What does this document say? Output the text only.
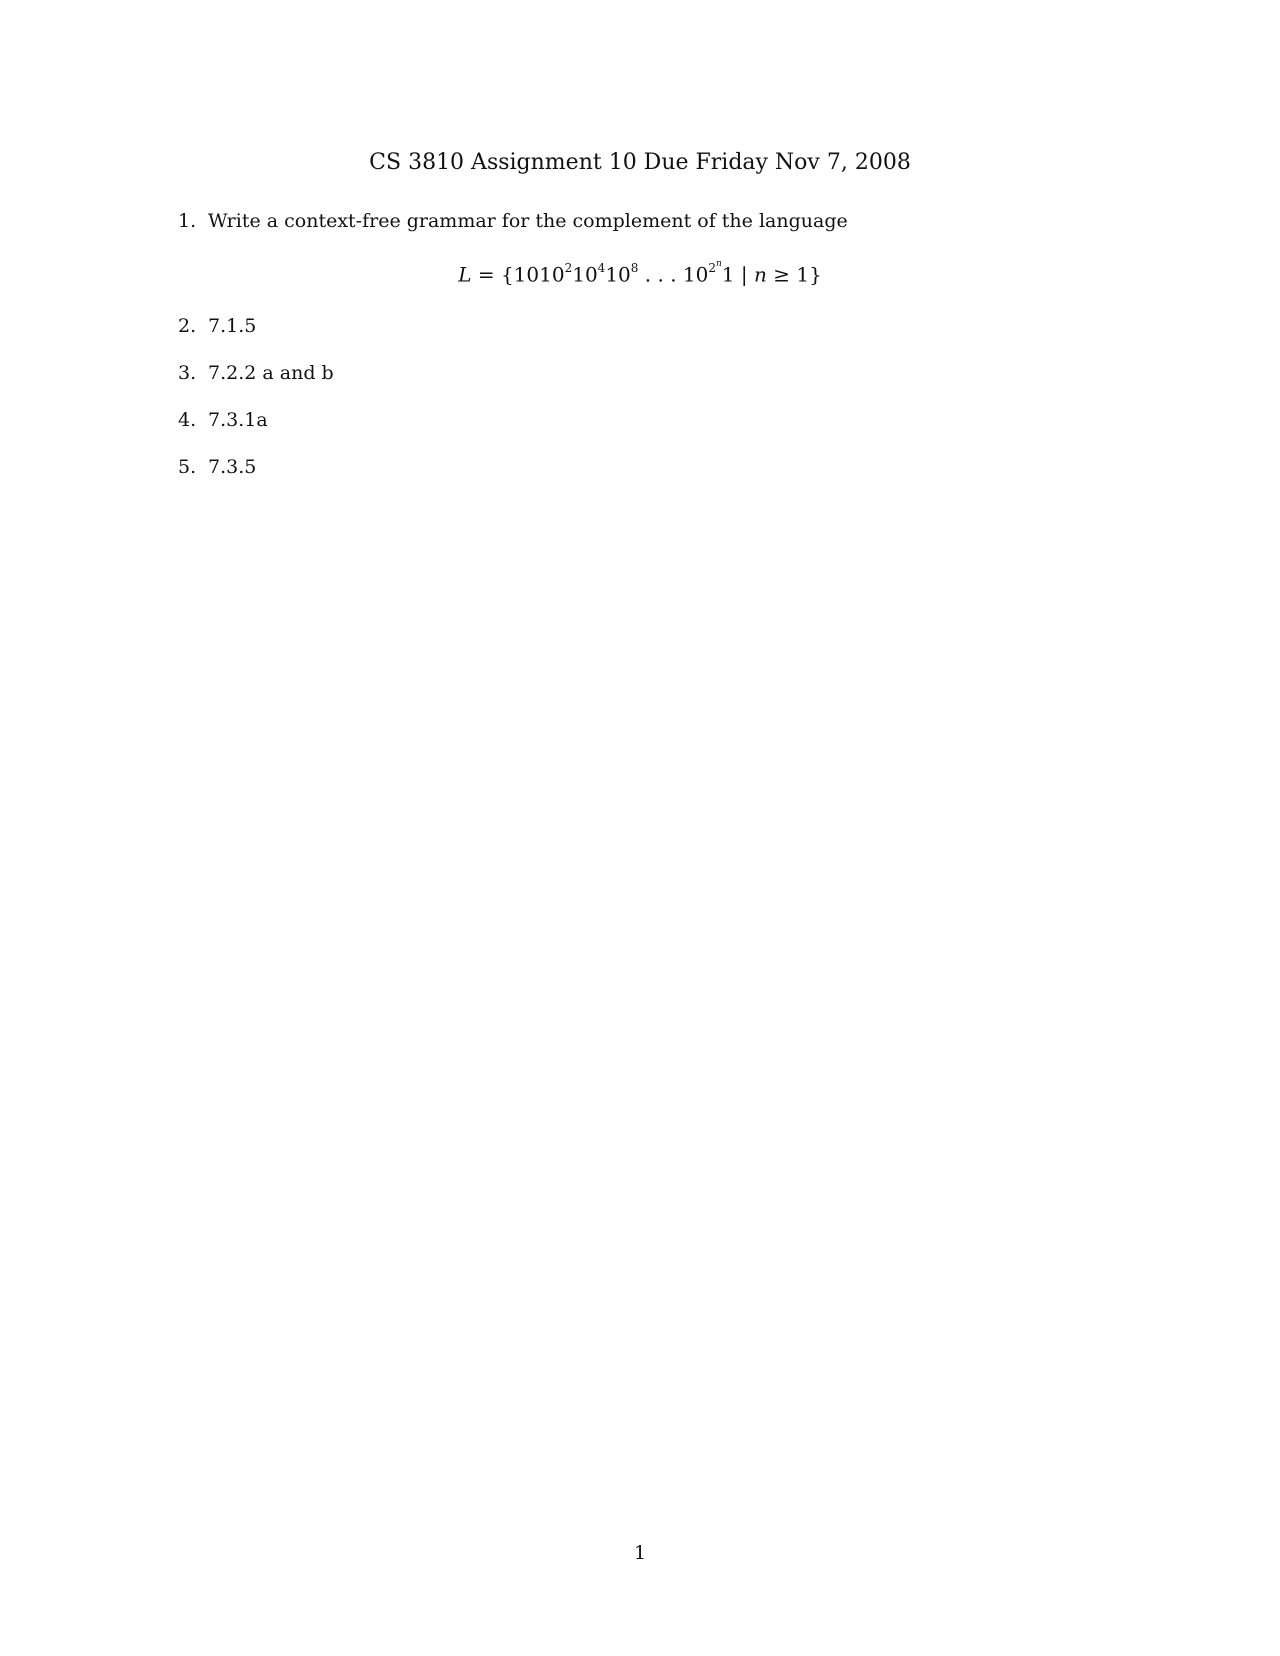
CS 3810 Assignment 10 Due Friday Nov 7, 2008
1. Write a context-free grammar for the complement of the language
$L = \{1010^210^410^8$ . . . $10^{2^n}1$ | n ≥ 1}
2. 7.1.5
3. 7.2.2 a and b
4. 7.3.1a
5. 7.3.5
1
